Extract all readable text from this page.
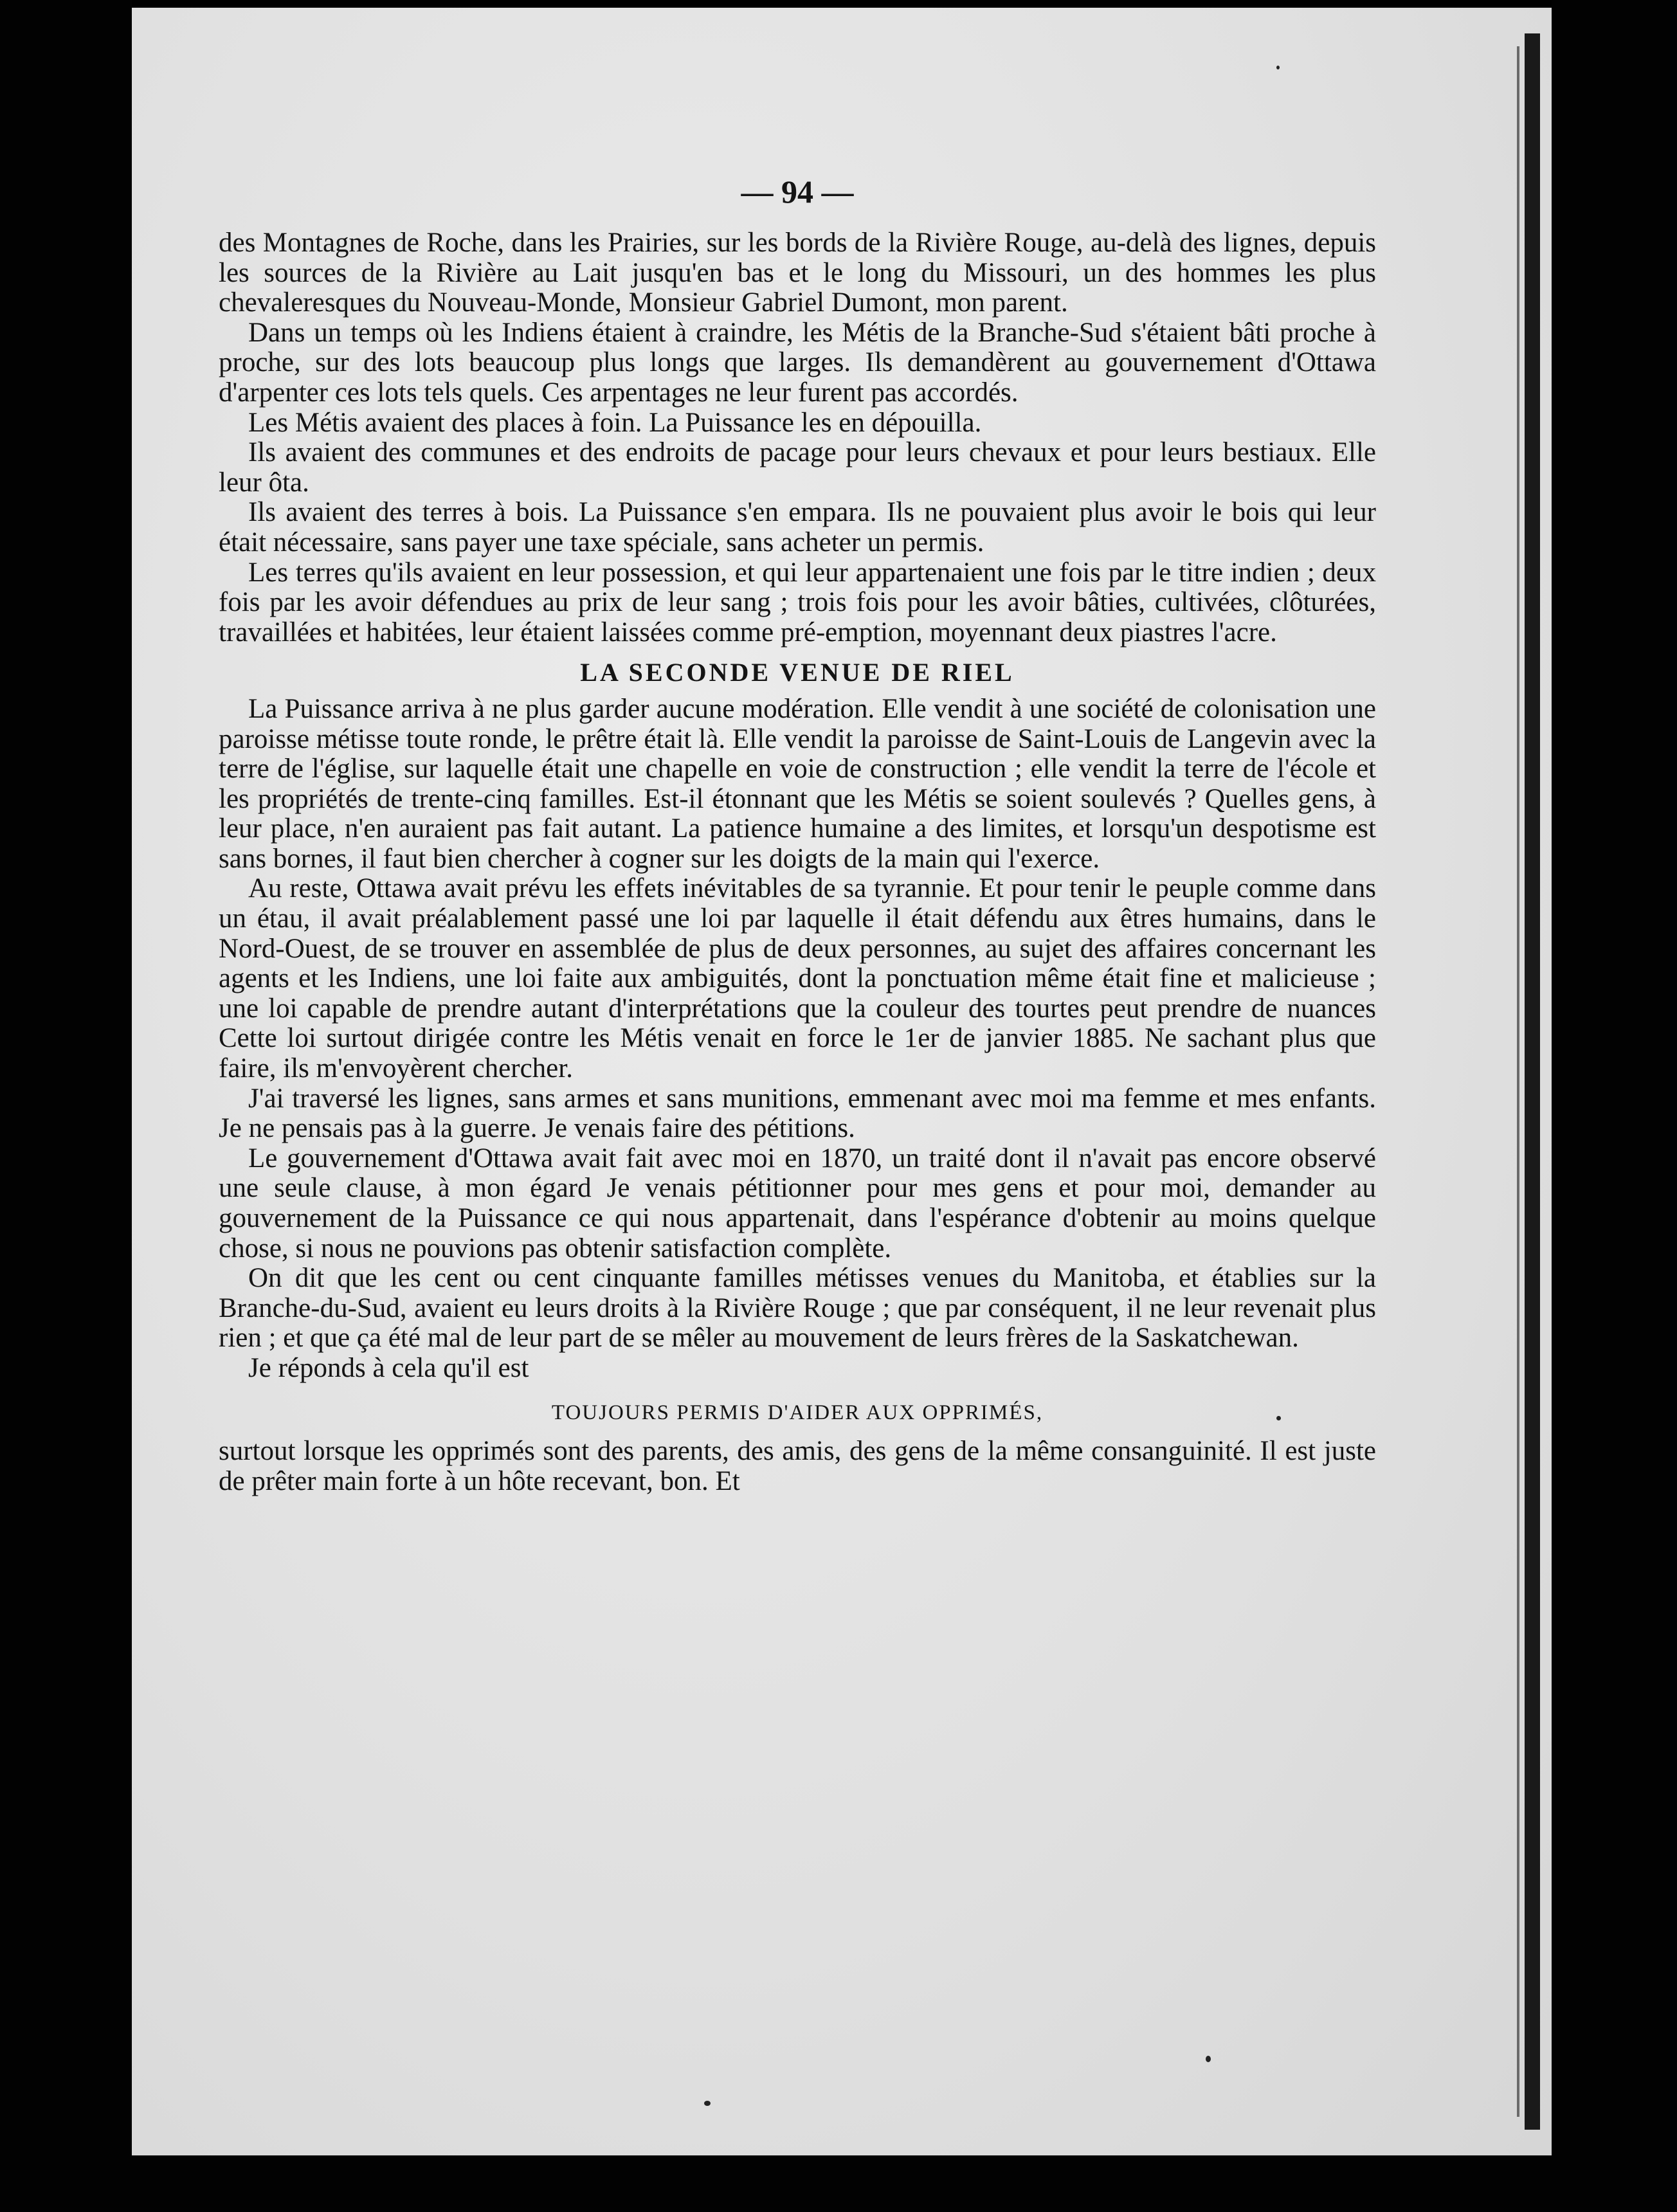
— 94 —

des Montagnes de Roche, dans les Prairies, sur les bords de la Rivière Rouge, au-delà des lignes, depuis les sources de la Rivière au Lait jusqu'en bas et le long du Missouri, un des hommes les plus chevaleresques du Nouveau-Monde, Monsieur Gabriel Dumont, mon parent.

Dans un temps où les Indiens étaient à craindre, les Métis de la Branche-Sud s'étaient bâti proche à proche, sur des lots beaucoup plus longs que larges. Ils demandèrent au gouvernement d'Ottawa d'arpenter ces lots tels quels. Ces arpentages ne leur furent pas accordés.

Les Métis avaient des places à foin. La Puissance les en dépouilla.

Ils avaient des communes et des endroits de pacage pour leurs chevaux et pour leurs bestiaux. Elle leur ôta.

Ils avaient des terres à bois. La Puissance s'en empara. Ils ne pouvaient plus avoir le bois qui leur était nécessaire, sans payer une taxe spéciale, sans acheter un permis.

Les terres qu'ils avaient en leur possession, et qui leur appartenaient une fois par le titre indien ; deux fois par les avoir défendues au prix de leur sang ; trois fois pour les avoir bâties, cultivées, clôturées, travaillées et habitées, leur étaient laissées comme pré-emption, moyennant deux piastres l'acre.

LA SECONDE VENUE DE RIEL

La Puissance arriva à ne plus garder aucune modération. Elle vendit à une société de colonisation une paroisse métisse toute ronde, le prêtre était là. Elle vendit la paroisse de Saint-Louis de Langevin avec la terre de l'église, sur laquelle était une chapelle en voie de construction ; elle vendit la terre de l'école et les propriétés de trente-cinq familles. Est-il étonnant que les Métis se soient soulevés ? Quelles gens, à leur place, n'en auraient pas fait autant. La patience humaine a des limites, et lorsqu'un despotisme est sans bornes, il faut bien chercher à cogner sur les doigts de la main qui l'exerce.

Au reste, Ottawa avait prévu les effets inévitables de sa tyrannie. Et pour tenir le peuple comme dans un étau, il avait préalablement passé une loi par laquelle il était défendu aux êtres humains, dans le Nord-Ouest, de se trouver en assemblée de plus de deux personnes, au sujet des affaires concernant les agents et les Indiens, une loi faite aux ambiguités, dont la ponctuation même était fine et malicieuse ; une loi capable de prendre autant d'interprétations que la couleur des tourtes peut prendre de nuances Cette loi surtout dirigée contre les Métis venait en force le 1er de janvier 1885. Ne sachant plus que faire, ils m'envoyèrent chercher.

J'ai traversé les lignes, sans armes et sans munitions, emmenant avec moi ma femme et mes enfants. Je ne pensais pas à la guerre. Je venais faire des pétitions.

Le gouvernement d'Ottawa avait fait avec moi en 1870, un traité dont il n'avait pas encore observé une seule clause, à mon égard Je venais pétitionner pour mes gens et pour moi, demander au gouvernement de la Puissance ce qui nous appartenait, dans l'espérance d'obtenir au moins quelque chose, si nous ne pouvions pas obtenir satisfaction complète.

On dit que les cent ou cent cinquante familles métisses venues du Manitoba, et établies sur la Branche-du-Sud, avaient eu leurs droits à la Rivière Rouge ; que par conséquent, il ne leur revenait plus rien ; et que ça été mal de leur part de se mêler au mouvement de leurs frères de la Saskatchewan.

Je réponds à cela qu'il est

TOUJOURS PERMIS D'AIDER AUX OPPRIMÉS,

surtout lorsque les opprimés sont des parents, des amis, des gens de la même consanguinité. Il est juste de prêter main forte à un hôte recevant, bon. Et
